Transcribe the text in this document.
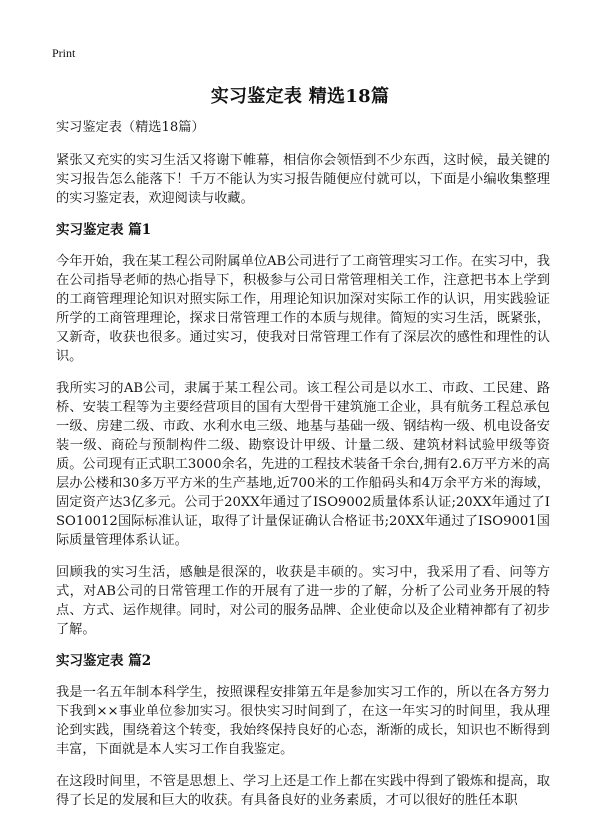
Print
实习鉴定表 精选18篇

实习鉴定表（精选18篇）

紧张又充实的实习生活又将谢下帷幕，相信你会领悟到不少东西，这时候，最关键的实习报告怎么能落下！千万不能认为实习报告随便应付就可以，下面是小编收集整理的实习鉴定表，欢迎阅读与收藏。

实习鉴定表 篇1

今年开始，我在某工程公司附属单位AB公司进行了工商管理实习工作。在实习中，我在公司指导老师的热心指导下，积极参与公司日常管理相关工作，注意把书本上学到的工商管理理论知识对照实际工作，用理论知识加深对实际工作的认识，用实践验证所学的工商管理理论，探求日常管理工作的本质与规律。简短的实习生活，既紧张，又新奇，收获也很多。通过实习，使我对日常管理工作有了深层次的感性和理性的认识。

我所实习的AB公司，隶属于某工程公司。该工程公司是以水工、市政、工民建、路桥、安装工程等为主要经营项目的国有大型骨干建筑施工企业，具有航务工程总承包一级、房建二级、市政、水利水电三级、地基与基础一级、钢结构一级、机电设备安装一级、商砼与预制构件二级、勘察设计甲级、计量二级、建筑材料试验甲级等资质。公司现有正式职工3000余名，先进的工程技术装备千余台,拥有2.6万平方米的高层办公楼和30多万平方米的生产基地,近700米的工作船码头和4万余平方米的海域，固定资产达3亿多元。公司于20XX年通过了ISO9002质量体系认证;20XX年通过了ISO10012国际标准认证，取得了计量保证确认合格证书;20XX年通过了ISO9001国际质量管理体系认证。

回顾我的实习生活，感触是很深的，收获是丰硕的。实习中，我采用了看、问等方式，对AB公司的日常管理工作的开展有了进一步的了解，分析了公司业务开展的特点、方式、运作规律。同时，对公司的服务品牌、企业使命以及企业精神都有了初步了解。

实习鉴定表 篇2

我是一名五年制本科学生，按照课程安排第五年是参加实习工作的，所以在各方努力下我到××事业单位参加实习。很快实习时间到了，在这一年实习的时间里，我从理论到实践，围绕着这个转变，我始终保持良好的心态，渐渐的成长，知识也不断得到丰富，下面就是本人实习工作自我鉴定。

在这段时间里，不管是思想上、学习上还是工作上都在实践中得到了锻炼和提高，取得了长足的发展和巨大的收获。有具备良好的业务素质，才可以很好的胜任本职
